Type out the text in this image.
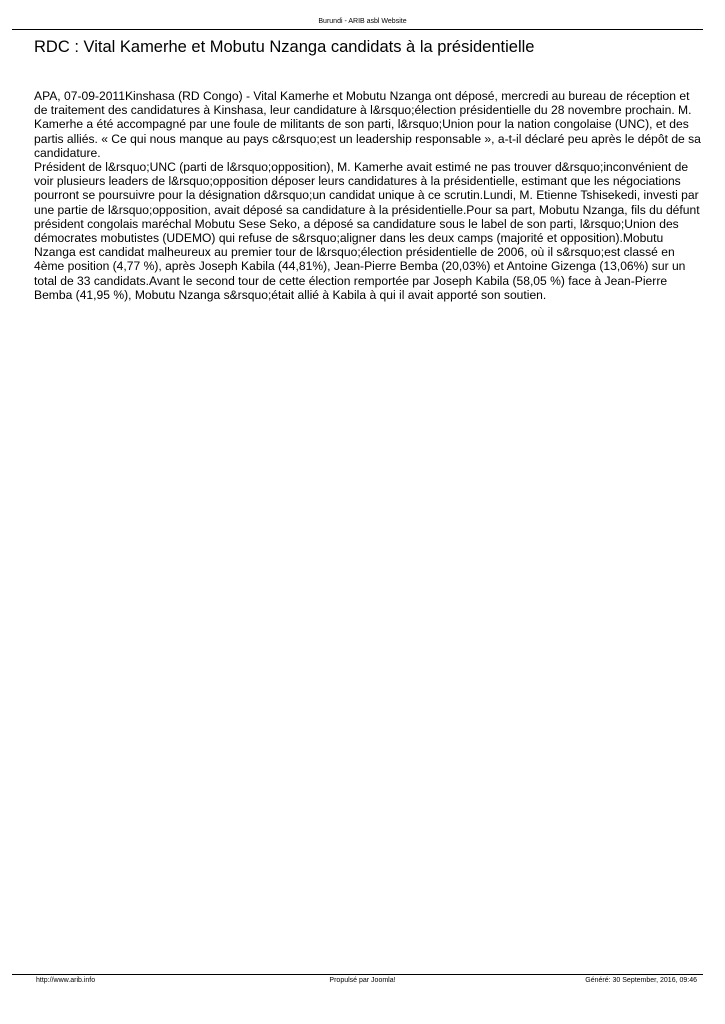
Burundi - ARIB asbl Website
RDC : Vital Kamerhe et Mobutu Nzanga candidats à la présidentielle

APA, 07-09-2011Kinshasa (RD Congo) - Vital Kamerhe et Mobutu Nzanga ont déposé, mercredi au bureau de réception et de traitement des candidatures à Kinshasa, leur candidature à l&rsquo;élection présidentielle du 28 novembre prochain. M. Kamerhe a été accompagné par une foule de militants de son parti, l&rsquo;Union pour la nation congolaise (UNC), et des partis alliés. « Ce qui nous manque au pays c&rsquo;est un leadership responsable », a-t-il déclaré peu après le dépôt de sa candidature.

Président de l&rsquo;UNC (parti de l&rsquo;opposition), M. Kamerhe avait estimé ne pas trouver d&rsquo;inconvénient de voir plusieurs leaders de l&rsquo;opposition déposer leurs candidatures à la présidentielle, estimant que les négociations pourront se poursuivre pour la désignation d&rsquo;un candidat unique à ce scrutin.Lundi, M. Etienne Tshisekedi, investi par une partie de l&rsquo;opposition, avait déposé sa candidature à la présidentielle.Pour sa part, Mobutu Nzanga, fils du défunt président congolais maréchal Mobutu Sese Seko, a déposé sa candidature sous le label de son parti, l&rsquo;Union des démocrates mobutistes (UDEMO) qui refuse de s&rsquo;aligner dans les deux camps (majorité et opposition).Mobutu Nzanga est candidat malheureux au premier tour de l&rsquo;élection présidentielle de 2006, où il s&rsquo;est classé en 4ème position (4,77 %), après Joseph Kabila (44,81%), Jean-Pierre Bemba (20,03%) et Antoine Gizenga (13,06%) sur un total de 33 candidats.Avant le second tour de cette élection remportée par Joseph Kabila (58,05 %) face à Jean-Pierre Bemba (41,95 %), Mobutu Nzanga s&rsquo;était allié à Kabila à qui il avait apporté son soutien.

http://www.arib.info	Propulsé par Joomla!	Généré: 30 September, 2016, 09:46
